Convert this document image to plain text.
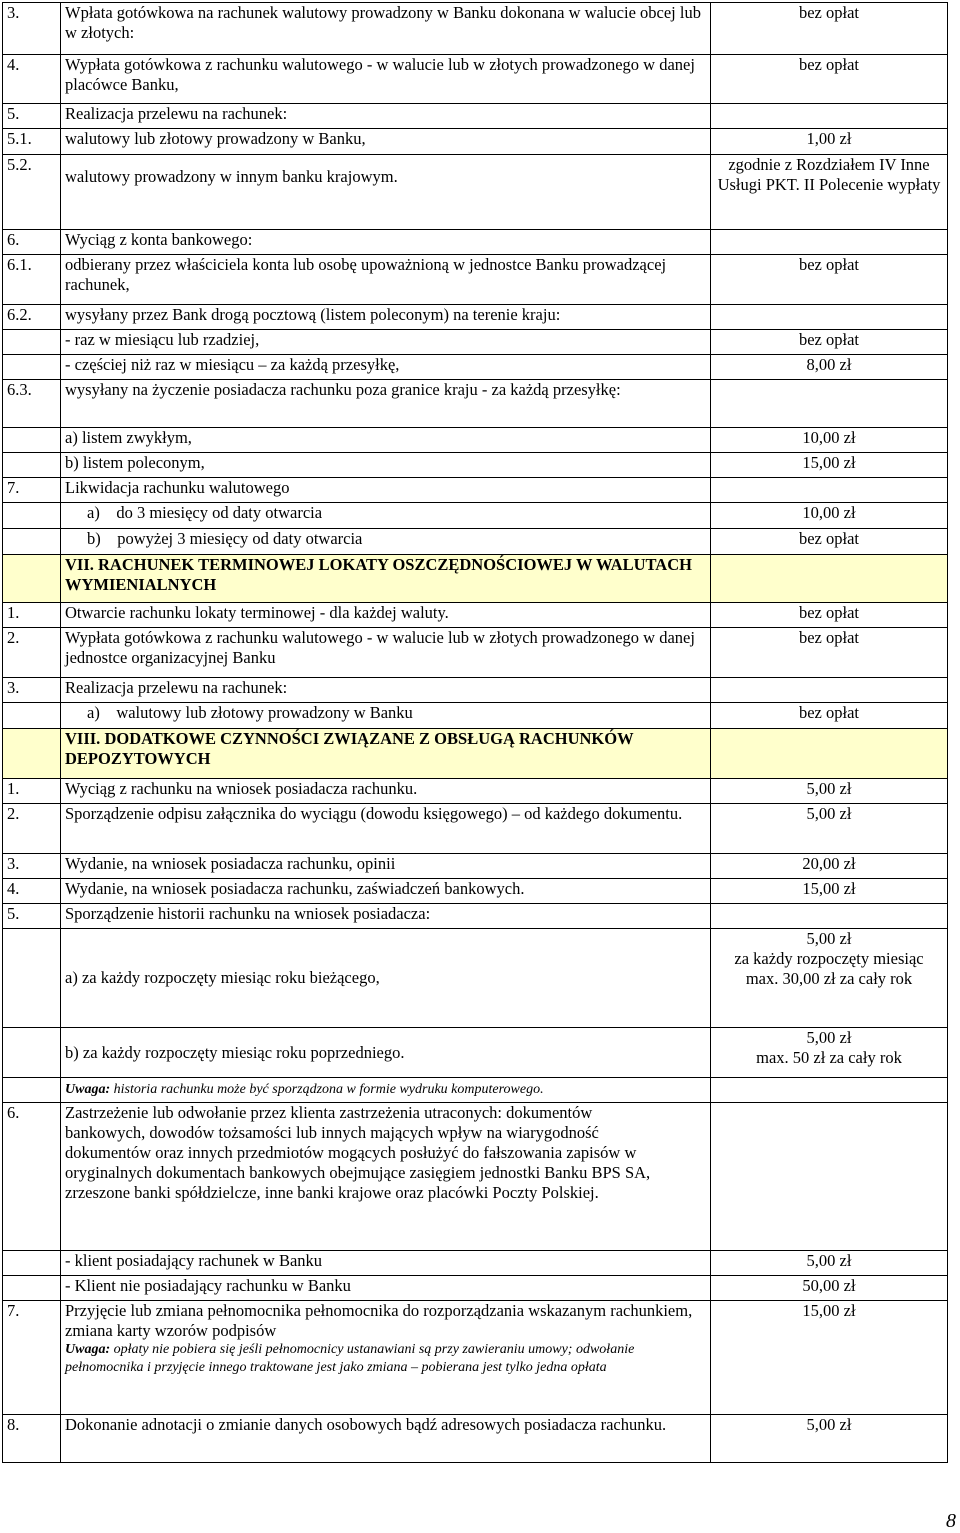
3.	Wpłata gotówkowa na rachunek walutowy prowadzony w Banku dokonana w walucie obcej lub w złotych:	bez opłat
4.	Wypłata gotówkowa z rachunku walutowego - w walucie lub w złotych prowadzonego w danej placówce Banku,	bez opłat
5.	Realizacja przelewu na rachunek:	
5.1.	walutowy lub złotowy prowadzony w Banku,	1,00 zł
5.2.	walutowy prowadzony w innym banku krajowym.	zgodnie z Rozdziałem IV Inne Usługi PKT. II Polecenie wypłaty
6.	Wyciąg z konta bankowego:	
6.1.	odbierany przez właściciela konta lub osobę upoważnioną w jednostce Banku prowadzącej rachunek,	bez opłat
6.2.	wysyłany przez Bank drogą pocztową (listem poleconym) na terenie kraju:	
	- raz w miesiącu lub rzadziej,	bez opłat
	- częściej niż raz w miesiącu – za każdą przesyłkę,	8,00 zł
6.3.	wysyłany na życzenie posiadacza rachunku poza granice kraju - za każdą przesyłkę:	
	a) listem zwykłym,	10,00 zł
	b) listem poleconym,	15,00 zł
7.	Likwidacja rachunku walutowego	
	a)    do 3 miesięcy od daty otwarcia	10,00 zł
	b)    powyżej 3 miesięcy od daty otwarcia	bez opłat
	VII. RACHUNEK TERMINOWEJ LOKATY OSZCZĘDNOŚCIOWEJ W WALUTACH WYMIENIALNYCH	
1.	Otwarcie rachunku lokaty terminowej - dla każdej waluty.	bez opłat
2.	Wypłata gotówkowa z rachunku walutowego - w walucie lub w złotych prowadzonego w danej jednostce organizacyjnej Banku	bez opłat
3.	Realizacja przelewu na rachunek:	
	a)    walutowy lub złotowy prowadzony w Banku	bez opłat
	VIII. DODATKOWE CZYNNOŚCI ZWIĄZANE Z OBSŁUGĄ RACHUNKÓW DEPOZYTOWYCH	
1.	Wyciąg z rachunku na wniosek posiadacza rachunku.	5,00 zł
2.	Sporządzenie odpisu załącznika do wyciągu (dowodu księgowego) – od każdego dokumentu.	5,00 zł
3.	Wydanie, na wniosek posiadacza rachunku, opinii	20,00 zł
4.	Wydanie, na wniosek posiadacza rachunku, zaświadczeń bankowych.	15,00 zł
5.	Sporządzenie historii rachunku na wniosek posiadacza:	
	a) za każdy rozpoczęty miesiąc roku bieżącego,	5,00 zł
za każdy rozpoczęty miesiąc
max. 30,00 zł za cały rok

	b) za każdy rozpoczęty miesiąc roku poprzedniego.	5,00 zł
max. 50 zł za cały rok

	Uwaga: historia rachunku może być sporządzona w formie wydruku komputerowego.	
6.	Zastrzeżenie lub odwołanie przez klienta zastrzeżenia utraconych: dokumentów bankowych, dowodów tożsamości lub innych mających wpływ na wiarygodność dokumentów oraz innych przedmiotów mogących posłużyć do fałszowania zapisów w oryginalnych dokumentach bankowych obejmujące zasięgiem jednostki Banku BPS SA, zrzeszone banki spółdzielcze, inne banki krajowe oraz placówki Poczty Polskiej.	
	- klient posiadający rachunek w Banku	5,00 zł
	- Klient nie posiadający rachunku w Banku	50,00 zł
7.	Przyjęcie lub zmiana pełnomocnika pełnomocnika do rozporządzania wskazanym rachunkiem, zmiana karty wzorów podpisów
Uwaga: opłaty nie pobiera się jeśli pełnomocnicy ustanawiani są przy zawieraniu umowy; odwołanie pełnomocnika i przyjęcie innego traktowane jest jako zmiana – pobierana jest tylko jedna opłata	15,00 zł
8.	Dokonanie adnotacji o zmianie danych osobowych bądź adresowych posiadacza rachunku.	5,00 zł
8
